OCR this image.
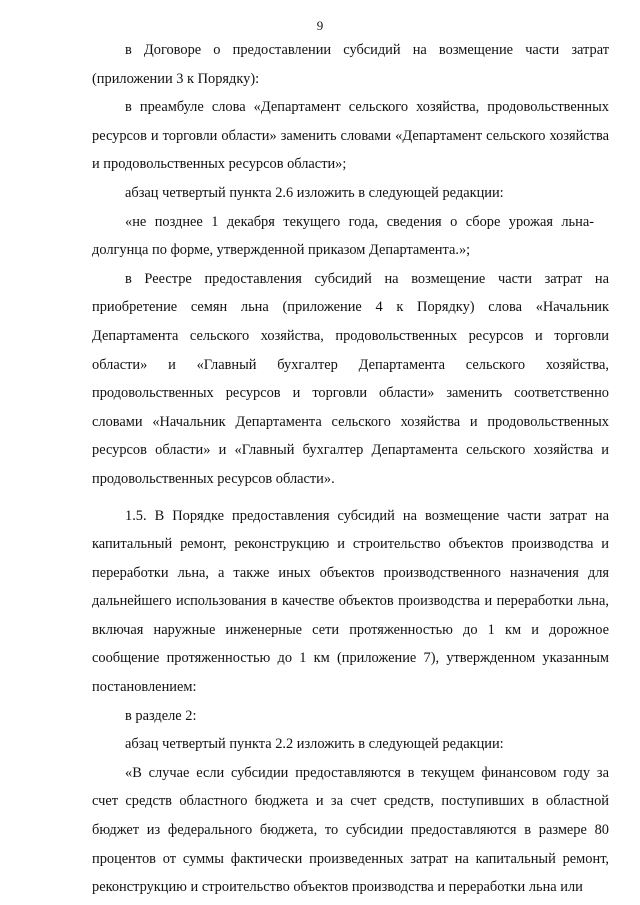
9

в Договоре о предоставлении субсидий на возмещение части затрат (приложении 3 к Порядку):

в преамбуле слова «Департамент сельского хозяйства, продовольственных ресурсов и торговли области» заменить словами «Департамент сельского хозяйства и продовольственных ресурсов области»;

абзац четвертый пункта 2.6 изложить в следующей редакции:

«не позднее 1 декабря текущего года, сведения о сборе урожая льна-долгунца по форме, утвержденной приказом Департамента.»;

в Реестре предоставления субсидий на возмещение части затрат на приобретение семян льна (приложение 4 к Порядку) слова «Начальник Департамента сельского хозяйства, продовольственных ресурсов и торговли области» и «Главный бухгалтер Департамента сельского хозяйства, продовольственных ресурсов и торговли области» заменить соответственно словами «Начальник Департамента сельского хозяйства и продовольственных ресурсов области» и «Главный бухгалтер Департамента сельского хозяйства и продовольственных ресурсов области».

1.5. В Порядке предоставления субсидий на возмещение части затрат на капитальный ремонт, реконструкцию и строительство объектов производства и переработки льна, а также иных объектов производственного назначения для дальнейшего использования в качестве объектов производства и переработки льна, включая наружные инженерные сети протяженностью до 1 км и дорожное сообщение протяженностью до 1 км (приложение 7), утвержденном указанным постановлением:

в разделе 2:

абзац четвертый пункта 2.2 изложить в следующей редакции:

«В случае если субсидии предоставляются в текущем финансовом году за счет средств областного бюджета и за счет средств, поступивших в областной бюджет из федерального бюджета, то субсидии предоставляются в размере 80 процентов от суммы фактически произведенных затрат на капитальный ремонт, реконструкцию и строительство объектов производства и переработки льна или
